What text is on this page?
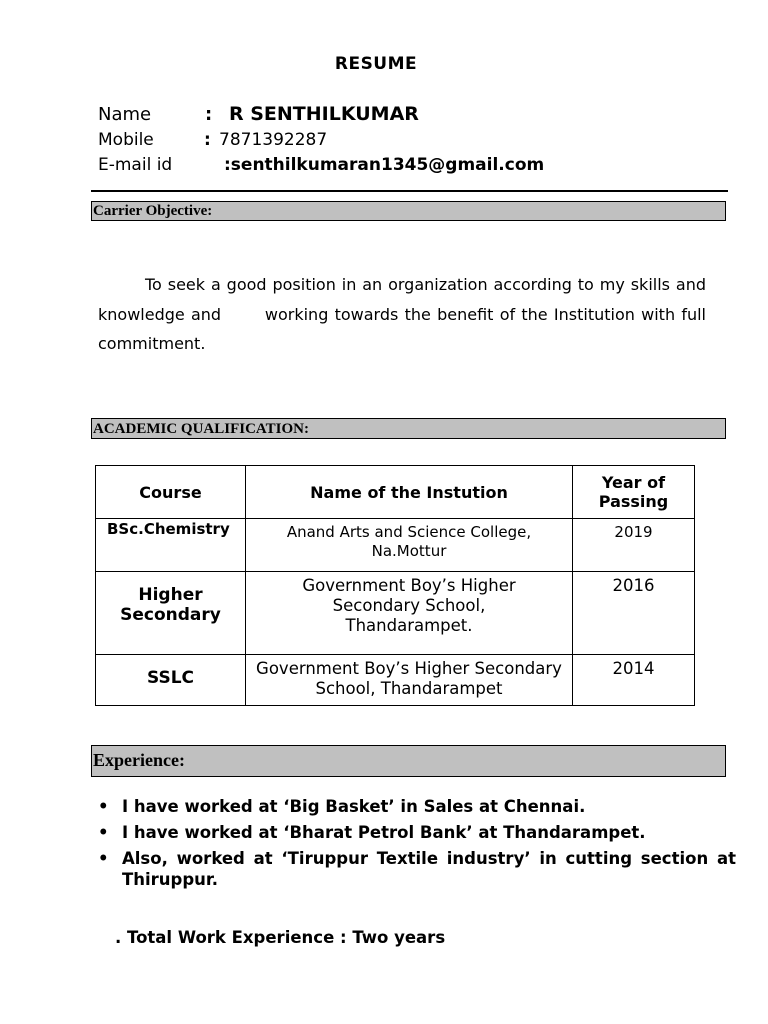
RESUME
Name	: R SENTHILKUMAR
Mobile	: 7871392287
E-mail id	:senthilkumaran1345@gmail.com
Carrier Objective:
To seek a good position in an organization according to my skills and knowledge and       working towards the benefit of the Institution with full commitment.
ACADEMIC QUALIFICATION:
Course	Name of the Instution	Year of Passing
BSc.Chemistry	Anand Arts and Science College, Na.Mottur	2019
Higher Secondary	Government Boy’s Higher Secondary School, Thandarampet.	2016
SSLC	Government Boy’s Higher Secondary School, Thandarampet	2014
Experience:
• I have worked at ‘Big Basket’ in Sales at Chennai.
• I have worked at ‘Bharat Petrol Bank’ at Thandarampet.
• Also, worked at ‘Tiruppur Textile industry’ in cutting section at Thiruppur.
. Total Work Experience : Two years
